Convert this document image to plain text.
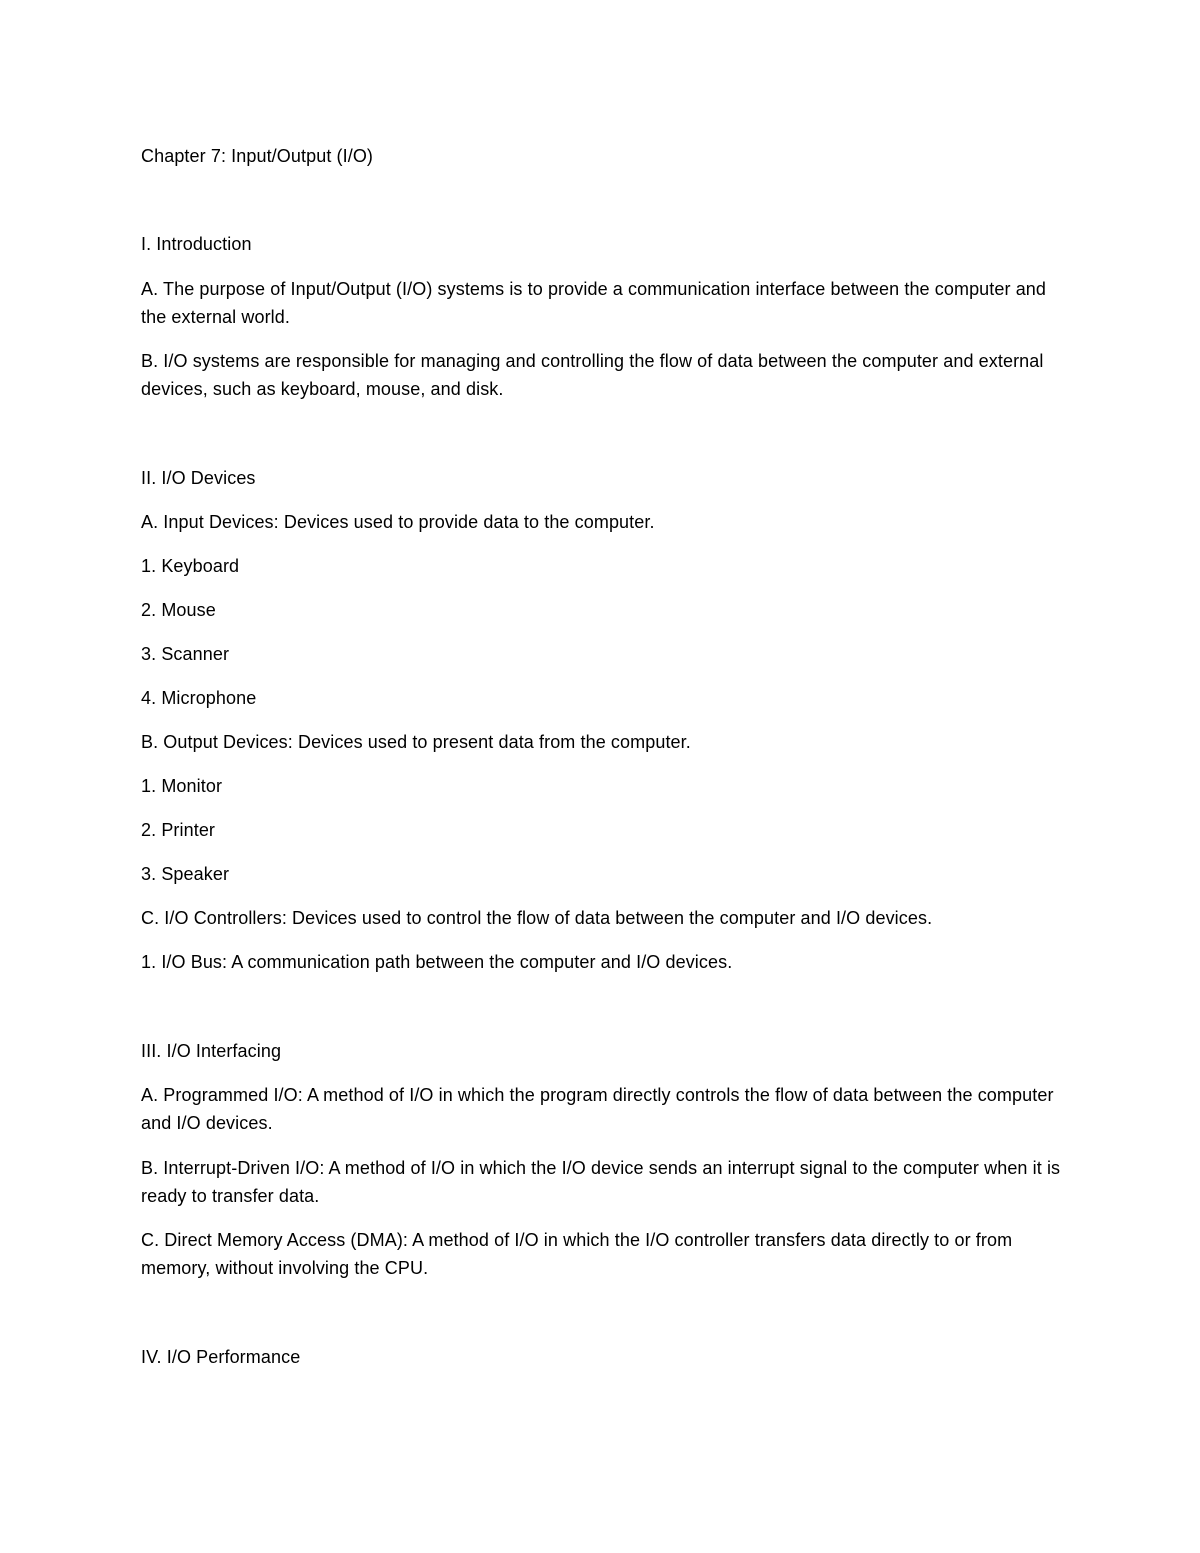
Chapter 7: Input/Output (I/O)
I. Introduction
A. The purpose of Input/Output (I/O) systems is to provide a communication interface between the computer and the external world.
B. I/O systems are responsible for managing and controlling the flow of data between the computer and external devices, such as keyboard, mouse, and disk.
II. I/O Devices
A. Input Devices: Devices used to provide data to the computer.
1. Keyboard
2. Mouse
3. Scanner
4. Microphone
B. Output Devices: Devices used to present data from the computer.
1. Monitor
2. Printer
3. Speaker
C. I/O Controllers: Devices used to control the flow of data between the computer and I/O devices.
1. I/O Bus: A communication path between the computer and I/O devices.
III. I/O Interfacing
A. Programmed I/O: A method of I/O in which the program directly controls the flow of data between the computer and I/O devices.
B. Interrupt-Driven I/O: A method of I/O in which the I/O device sends an interrupt signal to the computer when it is ready to transfer data.
C. Direct Memory Access (DMA): A method of I/O in which the I/O controller transfers data directly to or from memory, without involving the CPU.
IV. I/O Performance
